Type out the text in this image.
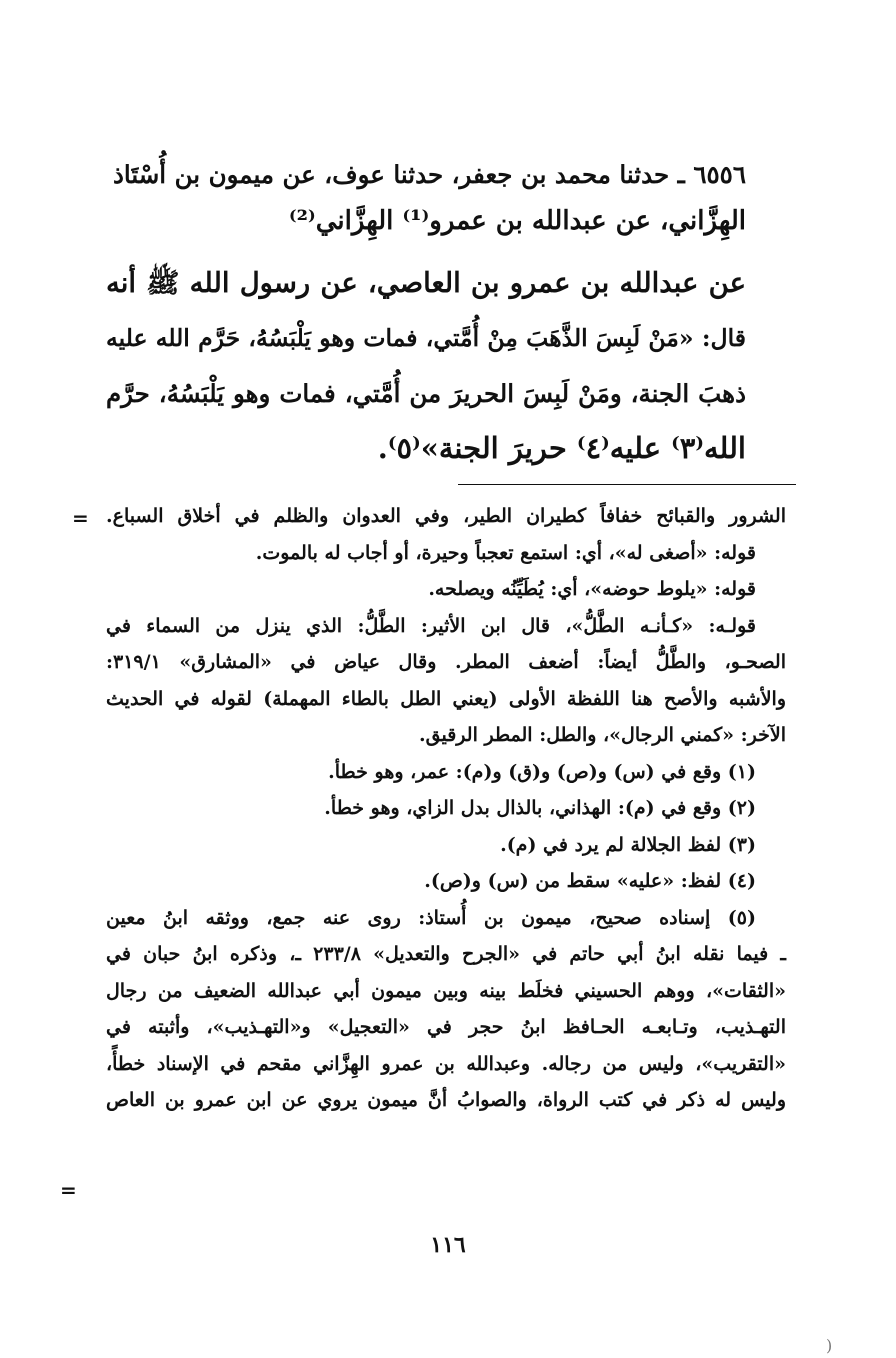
٦٥٥٦ ـ حدثنا محمد بن جعفر، حدثنا عوف، عن ميمون بن أُسْتَاذ
الهِزَّاني، عن عبدالله بن عمرو⁽¹⁾ الهِزَّاني⁽²⁾
عن عبدالله بن عمرو بن العاصي، عن رسول الله ﷺ أنه
قال: «مَنْ لَبِسَ الذَّهَبَ مِنْ أُمَّتي، فمات وهو يَلْبَسُهُ، حَرَّم الله عليه
ذهبَ الجنة، ومَنْ لَبِسَ الحريرَ من أُمَّتي، فمات وهو يَلْبَسُهُ، حرَّم
الله⁽٣⁾ عليه⁽٤⁾ حريرَ الجنة»⁽٥⁾.
= الشرور والقبائح خفافاً كطيران الطير، وفي العدوان والظلم في أخلاق السباع.
قوله: «أصغى له»، أي: استمع تعجباً وحيرة، أو أجاب له بالموت.
قوله: «يلوط حوضه»، أي: يُطَيِّنُه ويصلحه.
قولـه: «كـأنـه الطَّلُّ»، قال ابن الأثير: الطَّلُّ: الذي ينزل من السماء في
الصحـو، والطَّلُّ أيضاً: أضعف المطر. وقال عياض في «المشارق» ٣١٩/١:
والأشبه والأصح هنا اللفظة الأولى (يعني الطل بالطاء المهملة) لقوله في الحديث
الآخر: «كمني الرجال»، والطل: المطر الرقيق.
(١) وقع في (س) و(ص) و(ق) و(م): عمر، وهو خطأ.
(٢) وقع في (م): الهذاني، بالذال بدل الزاي، وهو خطأ.
(٣) لفظ الجلالة لم يرد في (م).
(٤) لفظ: «عليه» سقط من (س) و(ص).
(٥) إسناده صحيح، ميمون بن أُستاذ: روى عنه جمع، ووثقه ابنُ معين
ـ فيما نقله ابنُ أبي حاتم في «الجرح والتعديل» ٢٣٣/٨ ـ، وذكره ابنُ حبان في
«الثقات»، ووهم الحسيني فخلَط بينه وبين ميمون أبي عبدالله الضعيف من رجال
التهـذيب، وتـابعـه الحـافظ ابنُ حجر في «التعجيل» و«التهـذيب»، وأثبته في
«التقريب»، وليس من رجاله. وعبدالله بن عمرو الهِزَّاني مقحم في الإسناد خطأً،
وليس له ذكر في كتب الرواة، والصوابُ أنَّ ميمون يروي عن ابن عمرو بن العاص
=
١١٦
)
